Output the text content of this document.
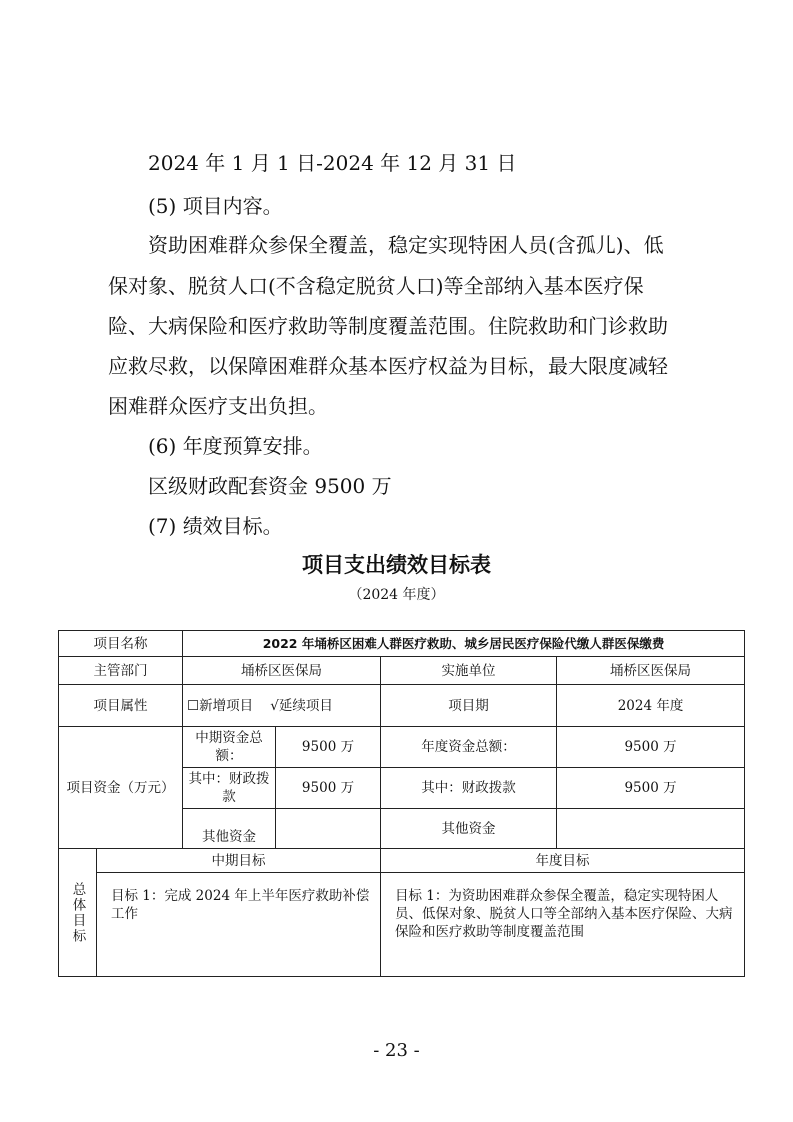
2024 年 1 月 1 日-2024 年 12 月 31 日
(5) 项目内容。
资助困难群众参保全覆盖，稳定实现特困人员(含孤儿)、低
保对象、脱贫人口(不含稳定脱贫人口)等全部纳入基本医疗保
险、大病保险和医疗救助等制度覆盖范围。住院救助和门诊救助
应救尽救，以保障困难群众基本医疗权益为目标，最大限度减轻
困难群众医疗支出负担。
(6) 年度预算安排。
区级财政配套资金 9500 万
(7) 绩效目标。
项目支出绩效目标表
（2024 年度）
项目名称		2022 年埇桥区困难人群医疗救助、城乡居民医疗保险代缴人群医保缴费			
主管部门		埇桥区医保局		实施单位	埇桥区医保局
项目属性		☐新增项目 √延续项目		项目期	2024 年度
项目资金（万元）		中期资金总额：	9500 万	年度资金总额：	9500 万
		其中：财政拨款	9500 万	其中：财政拨款	9500 万
		其他资金		其他资金	
总体目标	中期目标			年度目标	
	目标 1：完成 2024 年上半年医疗救助补偿工作			目标 1：为资助困难群众参保全覆盖，稳定实现特困人员、低保对象、脱贫人口等全部纳入基本医疗保险、大病保险和医疗救助等制度覆盖范围	
- 23 -
